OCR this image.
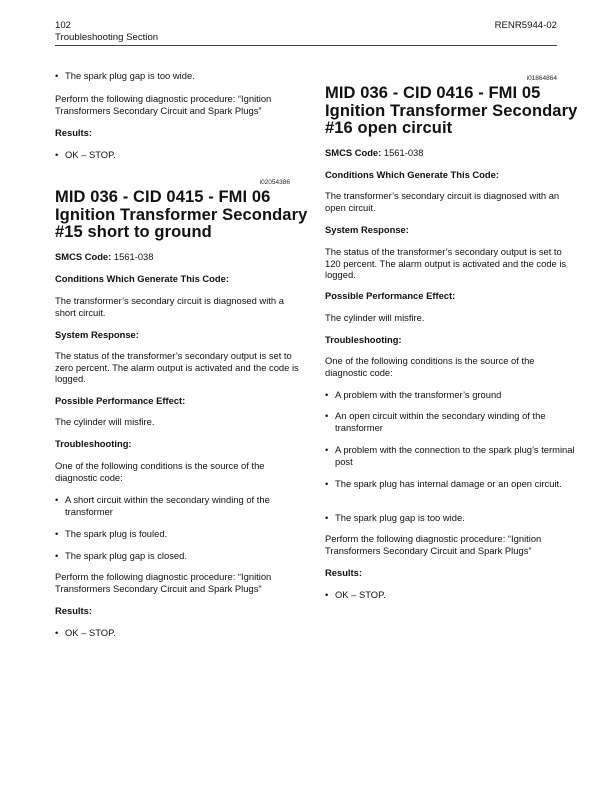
102
Troubleshooting Section
RENR5944-02
• The spark plug gap is too wide.
Perform the following diagnostic procedure: “Ignition Transformers Secondary Circuit and Spark Plugs”
Results:
• OK – STOP.
i02054386
MID 036 - CID 0415 - FMI 06 Ignition Transformer Secondary #15 short to ground
SMCS Code: 1561-038
Conditions Which Generate This Code:
The transformer’s secondary circuit is diagnosed with a short circuit.
System Response:
The status of the transformer’s secondary output is set to zero percent. The alarm output is activated and the code is logged.
Possible Performance Effect:
The cylinder will misfire.
Troubleshooting:
One of the following conditions is the source of the diagnostic code:
• A short circuit within the secondary winding of the transformer
• The spark plug is fouled.
• The spark plug gap is closed.
Perform the following diagnostic procedure: “Ignition Transformers Secondary Circuit and Spark Plugs”
Results:
• OK – STOP.
i01864864
MID 036 - CID 0416 - FMI 05 Ignition Transformer Secondary #16 open circuit
SMCS Code: 1561-038
Conditions Which Generate This Code:
The transformer’s secondary circuit is diagnosed with an open circuit.
System Response:
The status of the transformer’s secondary output is set to 120 percent. The alarm output is activated and the code is logged.
Possible Performance Effect:
The cylinder will misfire.
Troubleshooting:
One of the following conditions is the source of the diagnostic code:
• A problem with the transformer’s ground
• An open circuit within the secondary winding of the transformer
• A problem with the connection to the spark plug’s terminal post
• The spark plug has internal damage or an open circuit.
• The spark plug gap is too wide.
Perform the following diagnostic procedure: “Ignition Transformers Secondary Circuit and Spark Plugs”
Results:
• OK – STOP.
